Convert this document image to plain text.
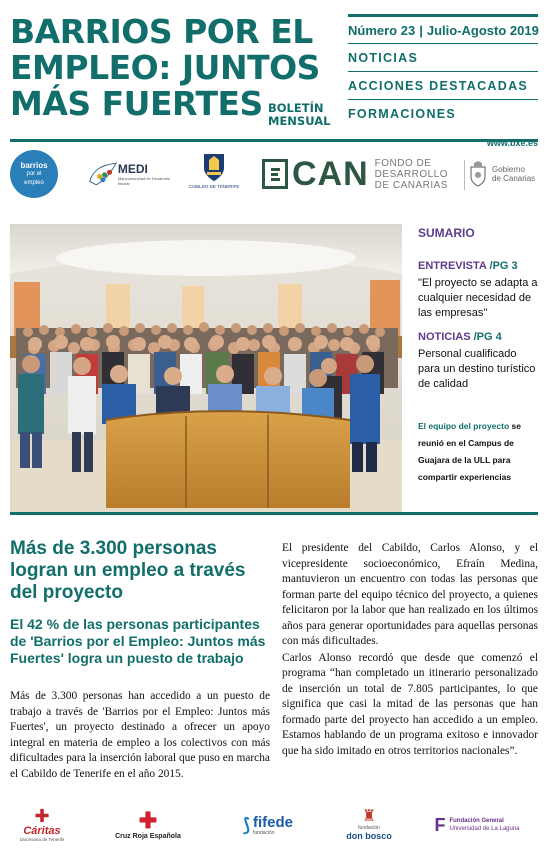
BARRIOS POR EL
EMPLEO: JUNTOS
MÁS FUERTES BOLETÍN
MENSUAL
Número 23 | Julio-Agosto 2019
NOTICIAS
ACCIONES DESTACADAS
FORMACIONES
www.bxe.es
barrios
por el
empleo
MEDI
Mancomunidad de Desarrollo Insular
CABILDO DE TENERIFE CAN FONDO DE
DESARROLLO
DE CANARIAS
Gobierno
de Canarias
SUMARIO
ENTREVISTA /PG 3
"El proyecto se adapta a cualquier necesidad de las empresas"
NOTICIAS /PG 4
Personal cualificado para un destino turístico de calidad

El equipo del proyecto se reunió en el Campus de Guajara de la ULL para compartir experiencias

Más de 3.300 personas logran un empleo a través del proyecto
El 42 % de las personas participantes de 'Barrios por el Empleo: Juntos más Fuertes' logra un puesto de trabajo

Más de 3.300 personas han accedido a un puesto de trabajo a través de 'Barrios por el Empleo: Juntos más Fuertes', un proyecto destinado a ofrecer un apoyo integral en materia de empleo a los colectivos con más dificultades para la inserción laboral que puso en marcha el Cabildo de Tenerife en el año 2015.

El presidente del Cabildo, Carlos Alonso, y el vicepresidente socioeconómico, Efraín Medina, mantuvieron un encuentro con todas las personas que forman parte del equipo técnico del proyecto, a quienes felicitaron por la labor que han realizado en los últimos años para generar oportunidades para aquellas personas con más dificultades.

Carlos Alonso recordó que desde que comenzó el programa “han completado un itinerario personalizado de inserción un total de 7.805 participantes, lo que significa que casi la mitad de las personas que han formado parte del proyecto han accedido a un empleo. Estamos hablando de un programa exitoso e innovador que ha sido imitado en otros territorios nacionales”.

✚
Cáritas
Diocesana de Tenerife
✚
Cruz Roja Española
⟆ fifede
fundación
♜
fundación
don bosco
F Fundación General
Universidad de La Laguna
